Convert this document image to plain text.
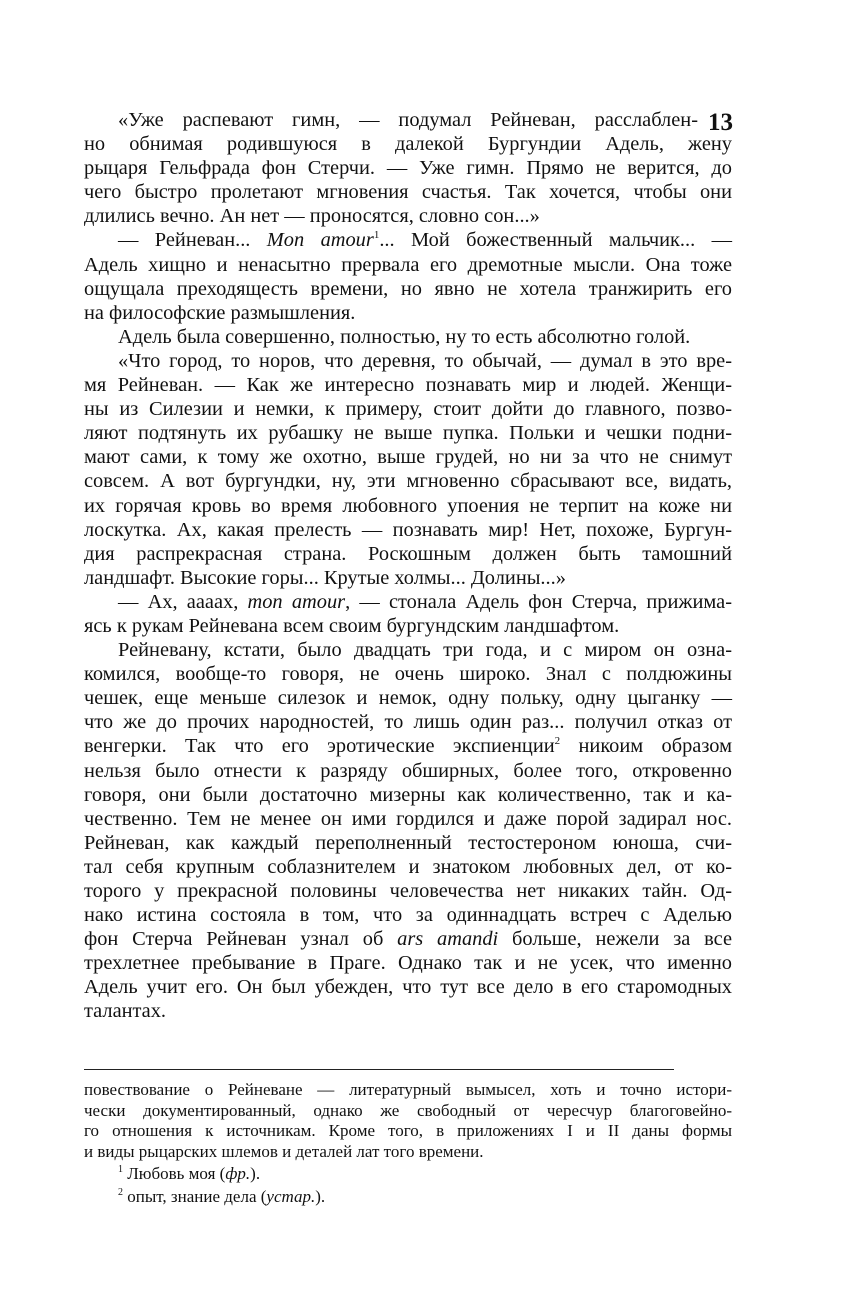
13
«Уже распевают гимн, — подумал Рейневан, расслаблен-
но обнимая родившуюся в далекой Бургундии Адель, жену
рыцаря Гельфрада фон Стерчи. — Уже гимн. Прямо не верится, до
чего быстро пролетают мгновения счастья. Так хочется, чтобы они
длились вечно. Ан нет — проносятся, словно сон...»
— Рейневан... Mon amour$^1$... Мой божественный мальчик... —
Адель хищно и ненасытно прервала его дремотные мысли. Она тоже
ощущала преходящесть времени, но явно не хотела транжирить его
на философские размышления.
Адель была совершенно, полностью, ну то есть абсолютно голой.
«Что город, то норов, что деревня, то обычай, — думал в это вре-
мя Рейневан. — Как же интересно познавать мир и людей. Женщи-
ны из Силезии и немки, к примеру, стоит дойти до главного, позво-
ляют подтянуть их рубашку не выше пупка. Польки и чешки подни-
мают сами, к тому же охотно, выше грудей, но ни за что не снимут
совсем. А вот бургундки, ну, эти мгновенно сбрасывают все, видать,
их горячая кровь во время любовного упоения не терпит на коже ни
лоскутка. Ах, какая прелесть — познавать мир! Нет, похоже, Бургун-
дия распрекрасная страна. Роскошным должен быть тамошний
ландшафт. Высокие горы... Крутые холмы... Долины...»
— Ах, аааах, mon amour, — стонала Адель фон Стерча, прижима-
ясь к рукам Рейневана всем своим бургундским ландшафтом.
Рейневану, кстати, было двадцать три года, и с миром он озна-
комился, вообще-то говоря, не очень широко. Знал с полдюжины
чешек, еще меньше силезок и немок, одну польку, одну цыганку —
что же до прочих народностей, то лишь один раз... получил отказ от
венгерки. Так что его эротические экспиенции$^2$ никоим образом
нельзя было отнести к разряду обширных, более того, откровенно
говоря, они были достаточно мизерны как количественно, так и ка-
чественно. Тем не менее он ими гордился и даже порой задирал нос.
Рейневан, как каждый переполненный тестостероном юноша, счи-
тал себя крупным соблазнителем и знатоком любовных дел, от ко-
торого у прекрасной половины человечества нет никаких тайн. Од-
нако истина состояла в том, что за одиннадцать встреч с Аделью
фон Стерча Рейневан узнал об ars amandi больше, нежели за все
трехлетнее пребывание в Праге. Однако так и не усек, что именно
Адель учит его. Он был убежден, что тут все дело в его старомодных
талантах.
повествование о Рейневане — литературный вымысел, хоть и точно истори-
чески документированный, однако же свободный от чересчур благоговейно-
го отношения к источникам. Кроме того, в приложениях I и II даны формы
и виды рыцарских шлемов и деталей лат того времени.
$^1$ Любовь моя (фр.).
$^2$ опыт, знание дела (устар.).
